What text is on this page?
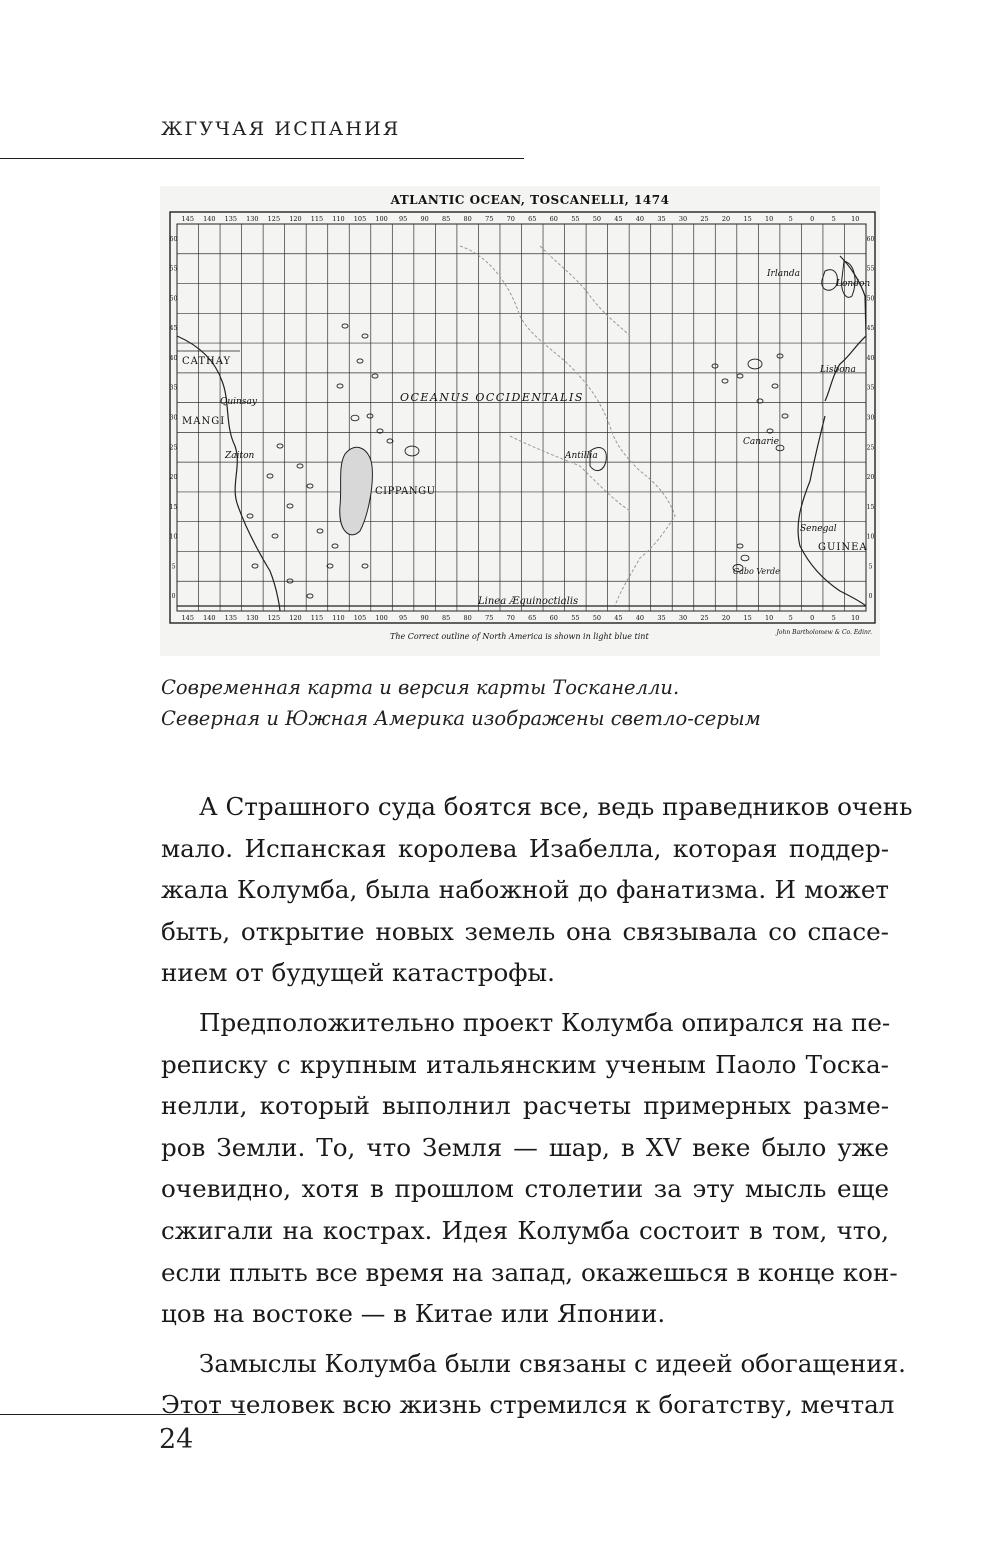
ЖГУЧАЯ ИСПАНИЯ
ATLANTIC OCEAN, TOSCANELLI, 1474
145 140 135 130 125 120 115 110 105 100 95 90 85 80 75 70 65 60 55 50 45 40 35 30 25 20 15 10 5	0	5 10
145 140 135 130 125 120 115 110 105 100 95 90 85 80 75 70 65 60 55 50 45 40 35 30 25 20 15 10 5	0	5 10
60
55
50
45
40
35
30
25
20
15
10
5
0
60
55
50
45
40
35
30
25
20
15
10
5
0
CATHAY
MANGI
Quinsay
Zaiton
CIPPANGU
OCEANUS OCCIDENTALIS
Antillia
Irlanda
London
Lisbona
Canarie
Senegal
GUINEA
Cabo Verde
Linea Æquinoctialis
The Correct outline of North America is shown in light blue tint	John Bartholomew & Co. Edinr.
Современная карта и версия карты Тосканелли.
Северная и Южная Америка изображены светло-серым
А Страшного суда боятся все, ведь праведников очень
мало. Испанская королева Изабелла, которая поддер-
жала Колумба, была набожной до фанатизма. И может
быть, открытие новых земель она связывала со спасе-
нием от будущей катастрофы.
Предположительно проект Колумба опирался на пе-
реписку с крупным итальянским ученым Паоло Тоска-
нелли, который выполнил расчеты примерных разме-
ров Земли. То, что Земля — шар, в XV веке было уже
очевидно, хотя в прошлом столетии за эту мысль еще
сжигали на кострах. Идея Колумба состоит в том, что,
если плыть все время на запад, окажешься в конце кон-
цов на востоке — в Китае или Японии.
Замыслы Колумба были связаны с идеей обогащения.
Этот человек всю жизнь стремился к богатству, мечтал
24
